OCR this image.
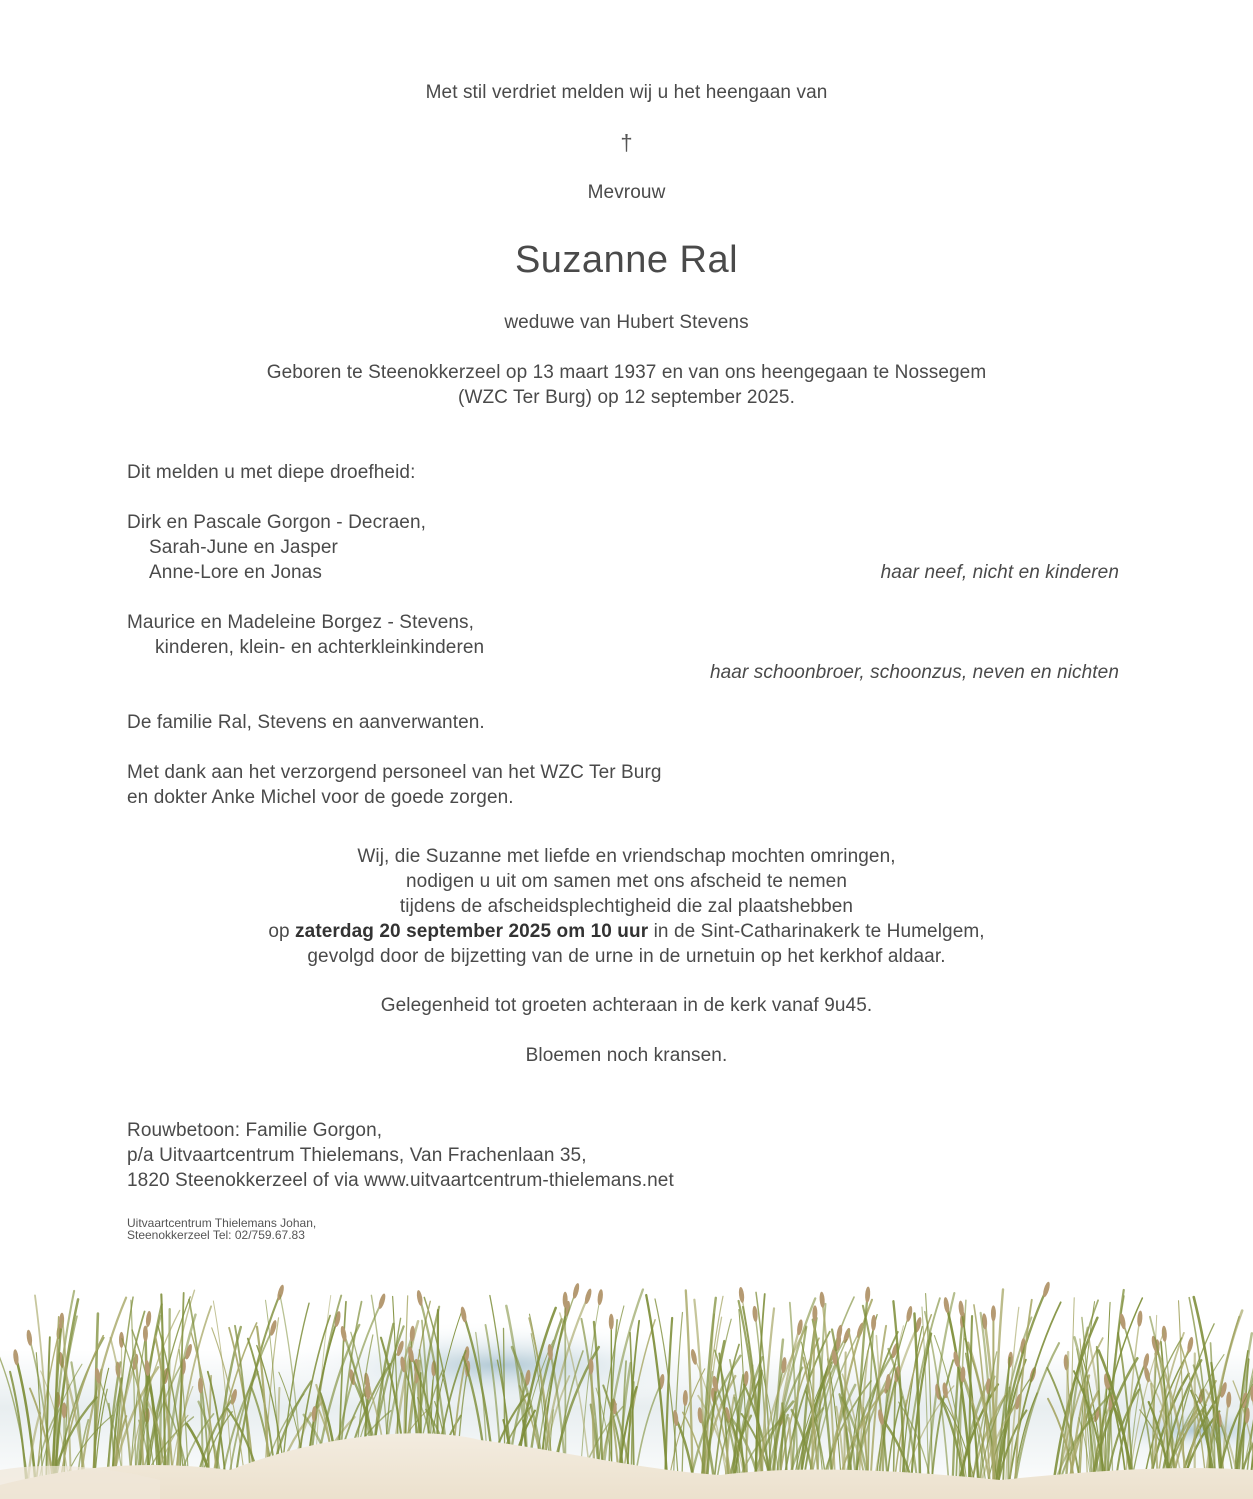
Met stil verdriet melden wij u het heengaan van
†
Mevrouw
Suzanne Ral
weduwe van Hubert Stevens
Geboren te Steenokkerzeel op 13 maart 1937 en van ons heengegaan te Nossegem
(WZC Ter Burg) op 12 september 2025.
Dit melden u met diepe droefheid:
Dirk en Pascale Gorgon - Decraen,
Sarah-June en Jasper
Anne-Lore en Jonas	haar neef, nicht en kinderen
Maurice en Madeleine Borgez - Stevens,
kinderen, klein- en achterkleinkinderen
haar schoonbroer, schoonzus, neven en nichten
De familie Ral, Stevens en aanverwanten.
Met dank aan het verzorgend personeel van het WZC Ter Burg
en dokter Anke Michel voor de goede zorgen.
Wij, die Suzanne met liefde en vriendschap mochten omringen,
nodigen u uit om samen met ons afscheid te nemen
tijdens de afscheidsplechtigheid die zal plaatshebben
op zaterdag 20 september 2025 om 10 uur in de Sint-Catharinakerk te Humelgem,
gevolgd door de bijzetting van de urne in de urnetuin op het kerkhof aldaar.
Gelegenheid tot groeten achteraan in de kerk vanaf 9u45.
Bloemen noch kransen.
Rouwbetoon: Familie Gorgon,
p/a Uitvaartcentrum Thielemans, Van Frachenlaan 35,
1820 Steenokkerzeel of via www.uitvaartcentrum-thielemans.net
Uitvaartcentrum Thielemans Johan,
Steenokkerzeel Tel: 02/759.67.83
